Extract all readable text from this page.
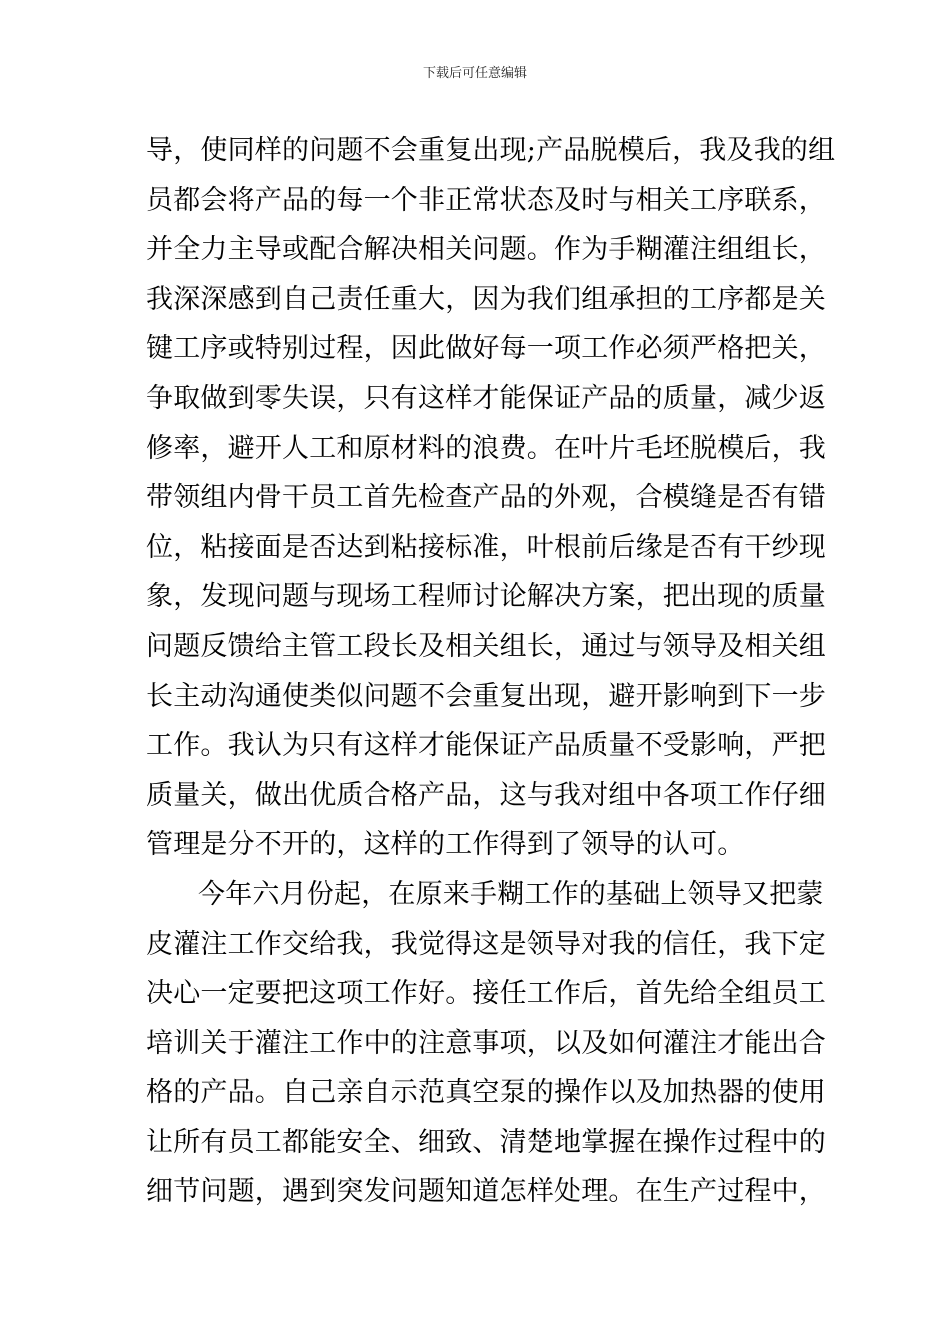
下载后可任意编辑
导，使同样的问题不会重复出现;产品脱模后，我及我的组
员都会将产品的每一个非正常状态及时与相关工序联系，
并全力主导或配合解决相关问题。作为手糊灌注组组长，
我深深感到自己责任重大，因为我们组承担的工序都是关
键工序或特别过程，因此做好每一项工作必须严格把关，
争取做到零失误，只有这样才能保证产品的质量，减少返
修率，避开人工和原材料的浪费。在叶片毛坯脱模后，我
带领组内骨干员工首先检查产品的外观，合模缝是否有错
位，粘接面是否达到粘接标准，叶根前后缘是否有干纱现
象，发现问题与现场工程师讨论解决方案，把出现的质量
问题反馈给主管工段长及相关组长，通过与领导及相关组
长主动沟通使类似问题不会重复出现，避开影响到下一步
工作。我认为只有这样才能保证产品质量不受影响，严把
质量关，做出优质合格产品，这与我对组中各项工作仔细
管理是分不开的，这样的工作得到了领导的认可。
今年六月份起，在原来手糊工作的基础上领导又把蒙
皮灌注工作交给我，我觉得这是领导对我的信任，我下定
决心一定要把这项工作好。接任工作后，首先给全组员工
培训关于灌注工作中的注意事项，以及如何灌注才能出合
格的产品。自己亲自示范真空泵的操作以及加热器的使用
让所有员工都能安全、细致、清楚地掌握在操作过程中的
细节问题，遇到突发问题知道怎样处理。在生产过程中，
